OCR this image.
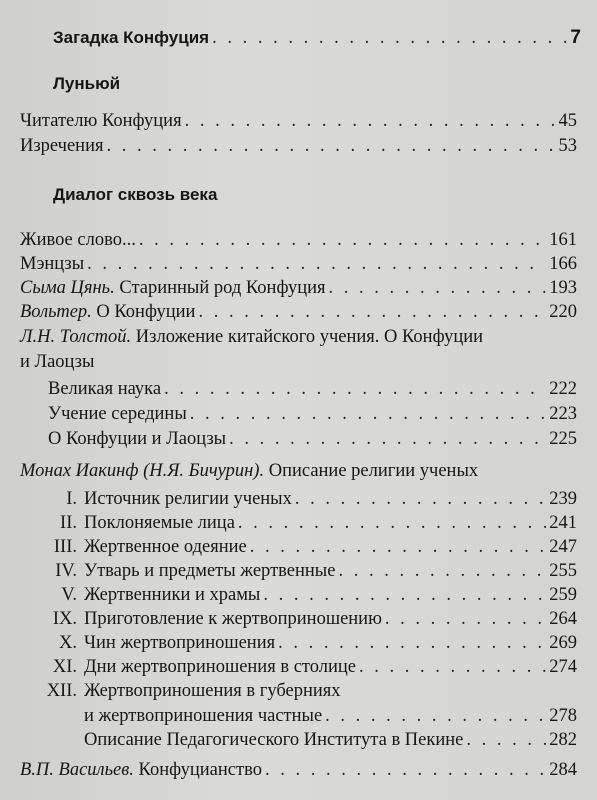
Загадка Конфуция . . .	7
Луньюй
Читателю Конфуция . . .	45
Изречения . . .	53
Диалог сквозь века
Живое слово... . . .	161
Мэнцзы . . .	166
Сыма Цянь. Старинный род Конфуция . . .	193
Вольтер. О Конфуции . . .	220
Л.Н. Толстой. Изложение китайского учения. О Конфуции
и Лаоцзы
Великая наука . . .	222
Учение середины . . .	223
О Конфуции и Лаоцзы . . .	225
Монах Иакинф (Н.Я. Бичурин). Описание религии ученых
I. Источник религии ученых . . .	239
II. Поклоняемые лица . . .	241
III. Жертвенное одеяние . . .	247
IV. Утварь и предметы жертвенные . . .	255
V. Жертвенники и храмы . . .	259
IX. Приготовление к жертвоприношению . . .	264
X. Чин жертвоприношения . . .	269
XI. Дни жертвоприношения в столице . . .	274
XII. Жертвоприношения в губерниях
и жертвоприношения частные . . .	278
Описание Педагогического Института в Пекине . . .	282
В.П. Васильев. Конфуцианство . . .	284
